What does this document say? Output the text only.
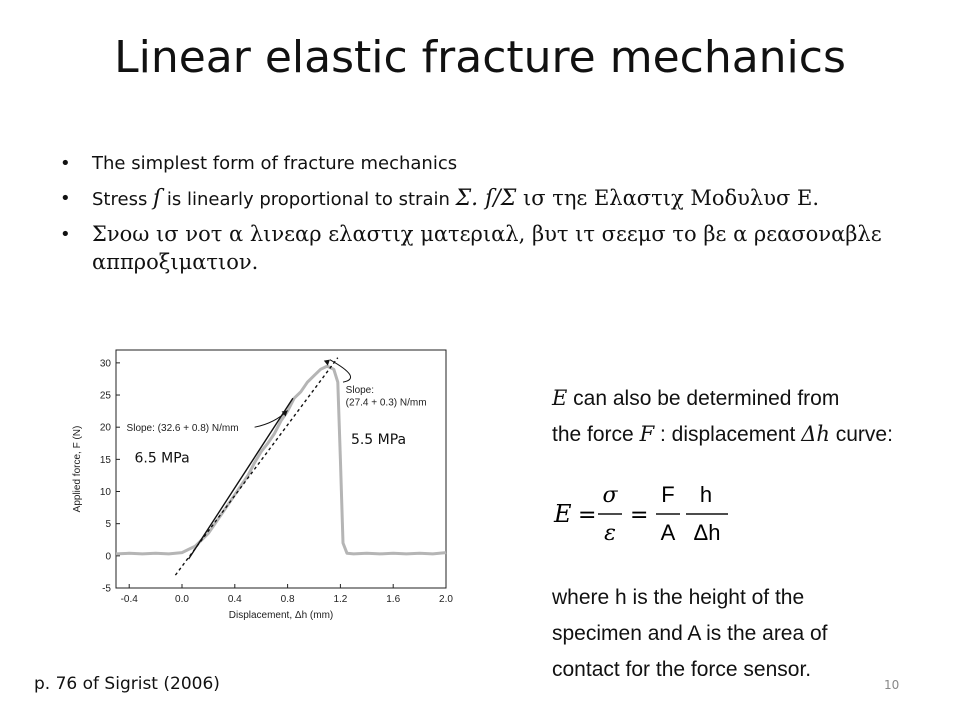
Linear elastic fracture mechanics
• The simplest form of fracture mechanics
• Stress ſ is linearly proportional to strain Σ. ſ/Σ ισ τηε Ελαστιχ Μοδυλυσ Ε.
• Σνοω ισ νοτ α λινεαρ ελαστιχ ματεριαλ, βυτ ιτ σεεμσ το βε α ρεασοναβλε αππροξιματιον.
-0.4	0.0	0.4	0.8	1.2	1.6	2.0
-5
0
5
10
15
20
25
30
Displacement, Δh (mm)
Applied force, F (N)	Slope: (32.6 + 0.8) N/mm
Slope:
(27.4 + 0.3) N/mm
6.5 MPa
5.5 MPa
E can also be determined from
the force F : displacement Δh curve:
E =
σ
ε
=
F
A
h
Δh
where h is the height of the
specimen and A is the area of
contact for the force sensor.
p. 76 of Sigrist (2006)	10
